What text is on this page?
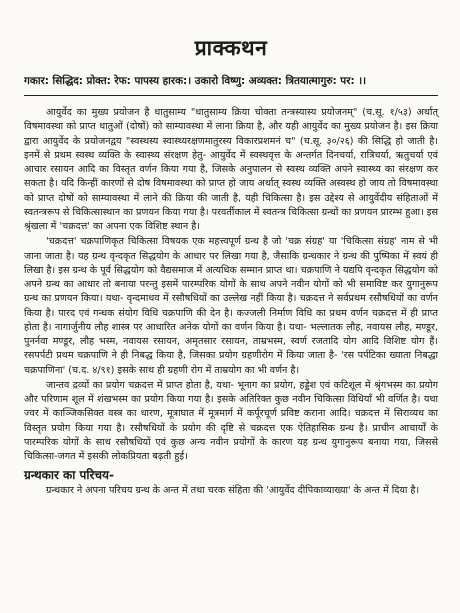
प्राक्कथन
गकार: सिद्धिद: प्रोक्त: रेफ: पापस्य हारक:। उकारो विष्णु: अव्यक्त: त्रितयात्मागुरु: पर: ।।

आयुर्वेद का मुख्य प्रयोजन है धातुसाम्य "धातुसाम्य क्रिया चोक्ता तन्त्रस्यास्य प्रयोजनम्" (च.सू. १/५३) अर्थात् विषमावस्था को प्राप्त धातुओं (दोषों) को साम्यावस्था में लाना क्रिया है, और यही आयुर्वेद का मुख्य प्रयोजन है। इस क्रिया द्वारा आयुर्वेद के प्रयोजनद्वय "स्वस्थस्य स्वास्थ्यरक्षणमातुरस्य विकारप्रशमनं च" (च.सू. ३०/२६) की सिद्धि हो जाती है। इनमें से प्रथम स्वस्थ व्यक्ति के स्वास्थ्य संरक्षण हेतु- आयुर्वेद में स्वस्थवृत्त के अन्तर्गत दिनचर्या, रात्रिचर्या, ऋतुचर्या एवं आचार रसायन आदि का विस्तृत वर्णन किया गया है, जिसके अनुपालन से स्वस्थ व्यक्ति अपने स्वास्थ्य का संरक्षण कर सकता है। यदि किन्हीं कारणों से दोष विषमावस्था को प्राप्त हो जाय अर्थात् स्वस्थ व्यक्ति अस्वस्थ हो जाय तो विषमावस्था को प्राप्त दोषों को साम्यावस्था में लाने की क्रिया की जाती है, यही चिकित्सा है। इस उद्देश्य से आयुर्वेदीय संहिताओं में स्वतन्त्ररूप से चिकित्सास्थान का प्रणयन किया गया है। परवर्तीकाल में स्वतन्त्र चिकित्सा ग्रन्थों का प्रणयन प्रारम्भ हुआ। इस श्रृंखला में 'चक्रदत्त' का अपना एक विशिष्ट स्थान है।

'चक्रदत्त' चक्रपाणिकृत चिकित्सा विषयक एक महत्त्वपूर्ण ग्रन्थ है जो 'चक्र संग्रह' या 'चिकित्सा संग्रह' नाम से भी जाना जाता है। यह ग्रन्थ वृन्दकृत सिद्धयोग के आधार पर लिखा गया है, जैसाकि ग्रन्थकार ने ग्रन्थ की पुष्पिका में स्वयं ही लिखा है। इस ग्रन्थ के पूर्व सिद्धयोग को वैद्यसमाज में अत्यधिक सम्मान प्राप्त था। चक्रपाणि ने यद्यपि वृन्दकृत सिद्धयोग को अपने ग्रन्थ का आधार तो बनाया परन्तु इसमें पारम्परिक योगों के साथ अपने नवीन योगों को भी समाविष्ट कर युगानुरूप ग्रन्थ का प्रणयन किया। यथा- वृन्दमाधव में रसौषधियों का उल्लेख नहीं किया है। चक्रदत्त ने सर्वप्रथम रसौषधियों का वर्णन किया है। पारद एवं गन्धक संयोग विधि चक्रपाणि की देन है। कज्जली निर्माण विधि का प्रथम वर्णन चक्रदत्त में ही प्राप्त होता है। नागार्जुनीय लौह शास्त्र पर आधारित अनेक योगों का वर्णन किया है। यथा- भल्लातक लौह, नवायस लौह, मण्डूर, पुनर्नवा मण्डूर, लौह भस्म, नवायस रसायन, अमृतसार रसायन, ताम्रभस्म, स्वर्ण रजतादि योग आदि विशिष्ट योग हैं। रसपर्पटी प्रथम चक्रपाणि ने ही निबद्ध किया है, जिसका प्रयोग ग्रहणीरोग में किया जाता है- 'रस पर्पटिका ख्याता निबद्धा चक्रपाणिना' (च.द. ४/९१) इसके साथ ही ग्रहणी रोग में ताम्रयोग का भी वर्णन है।

जान्तव द्रव्यों का प्रयोग चक्रदत्त में प्राप्त होता है, यथा- भूनाग का प्रयोग, हड्डेश एवं कटिशूल में श्रृंगभस्म का प्रयोग और परिणाम शूल में शंखभस्म का प्रयोग किया गया है। इसके अतिरिक्त कुछ नवीन चिकित्सा विधियाँ भी वर्णित है। यथा ज्वर में काञ्जिकसिक्त वस्त्र का धारण, मूत्राघात में मूत्रमार्ग में कर्पूरचूर्ण प्रविष्ट कराना आदि। चक्रदत्त में सिराव्यध का विस्तृत प्रयोग किया गया है। रसौषधियों के प्रयोग की दृष्टि से चक्रदत्त एक ऐतिहासिक ग्रन्थ है। प्राचीन आचार्यों के पारम्परिक योगों के साथ रसौषधियों एवं कुछ अन्य नवीन प्रयोगों के कारण यह ग्रन्थ युगानुरूप बनाया गया, जिससे चिकित्सा-जगत में इसकी लोकप्रियता बढ़ती हुई।

ग्रन्थकार का परिचय-

ग्रन्थकार ने अपना परिचय ग्रन्थ के अन्त में तथा चरक संहिता की 'आयुर्वेद दीपिकाव्याख्या' के अन्त में दिया है।
